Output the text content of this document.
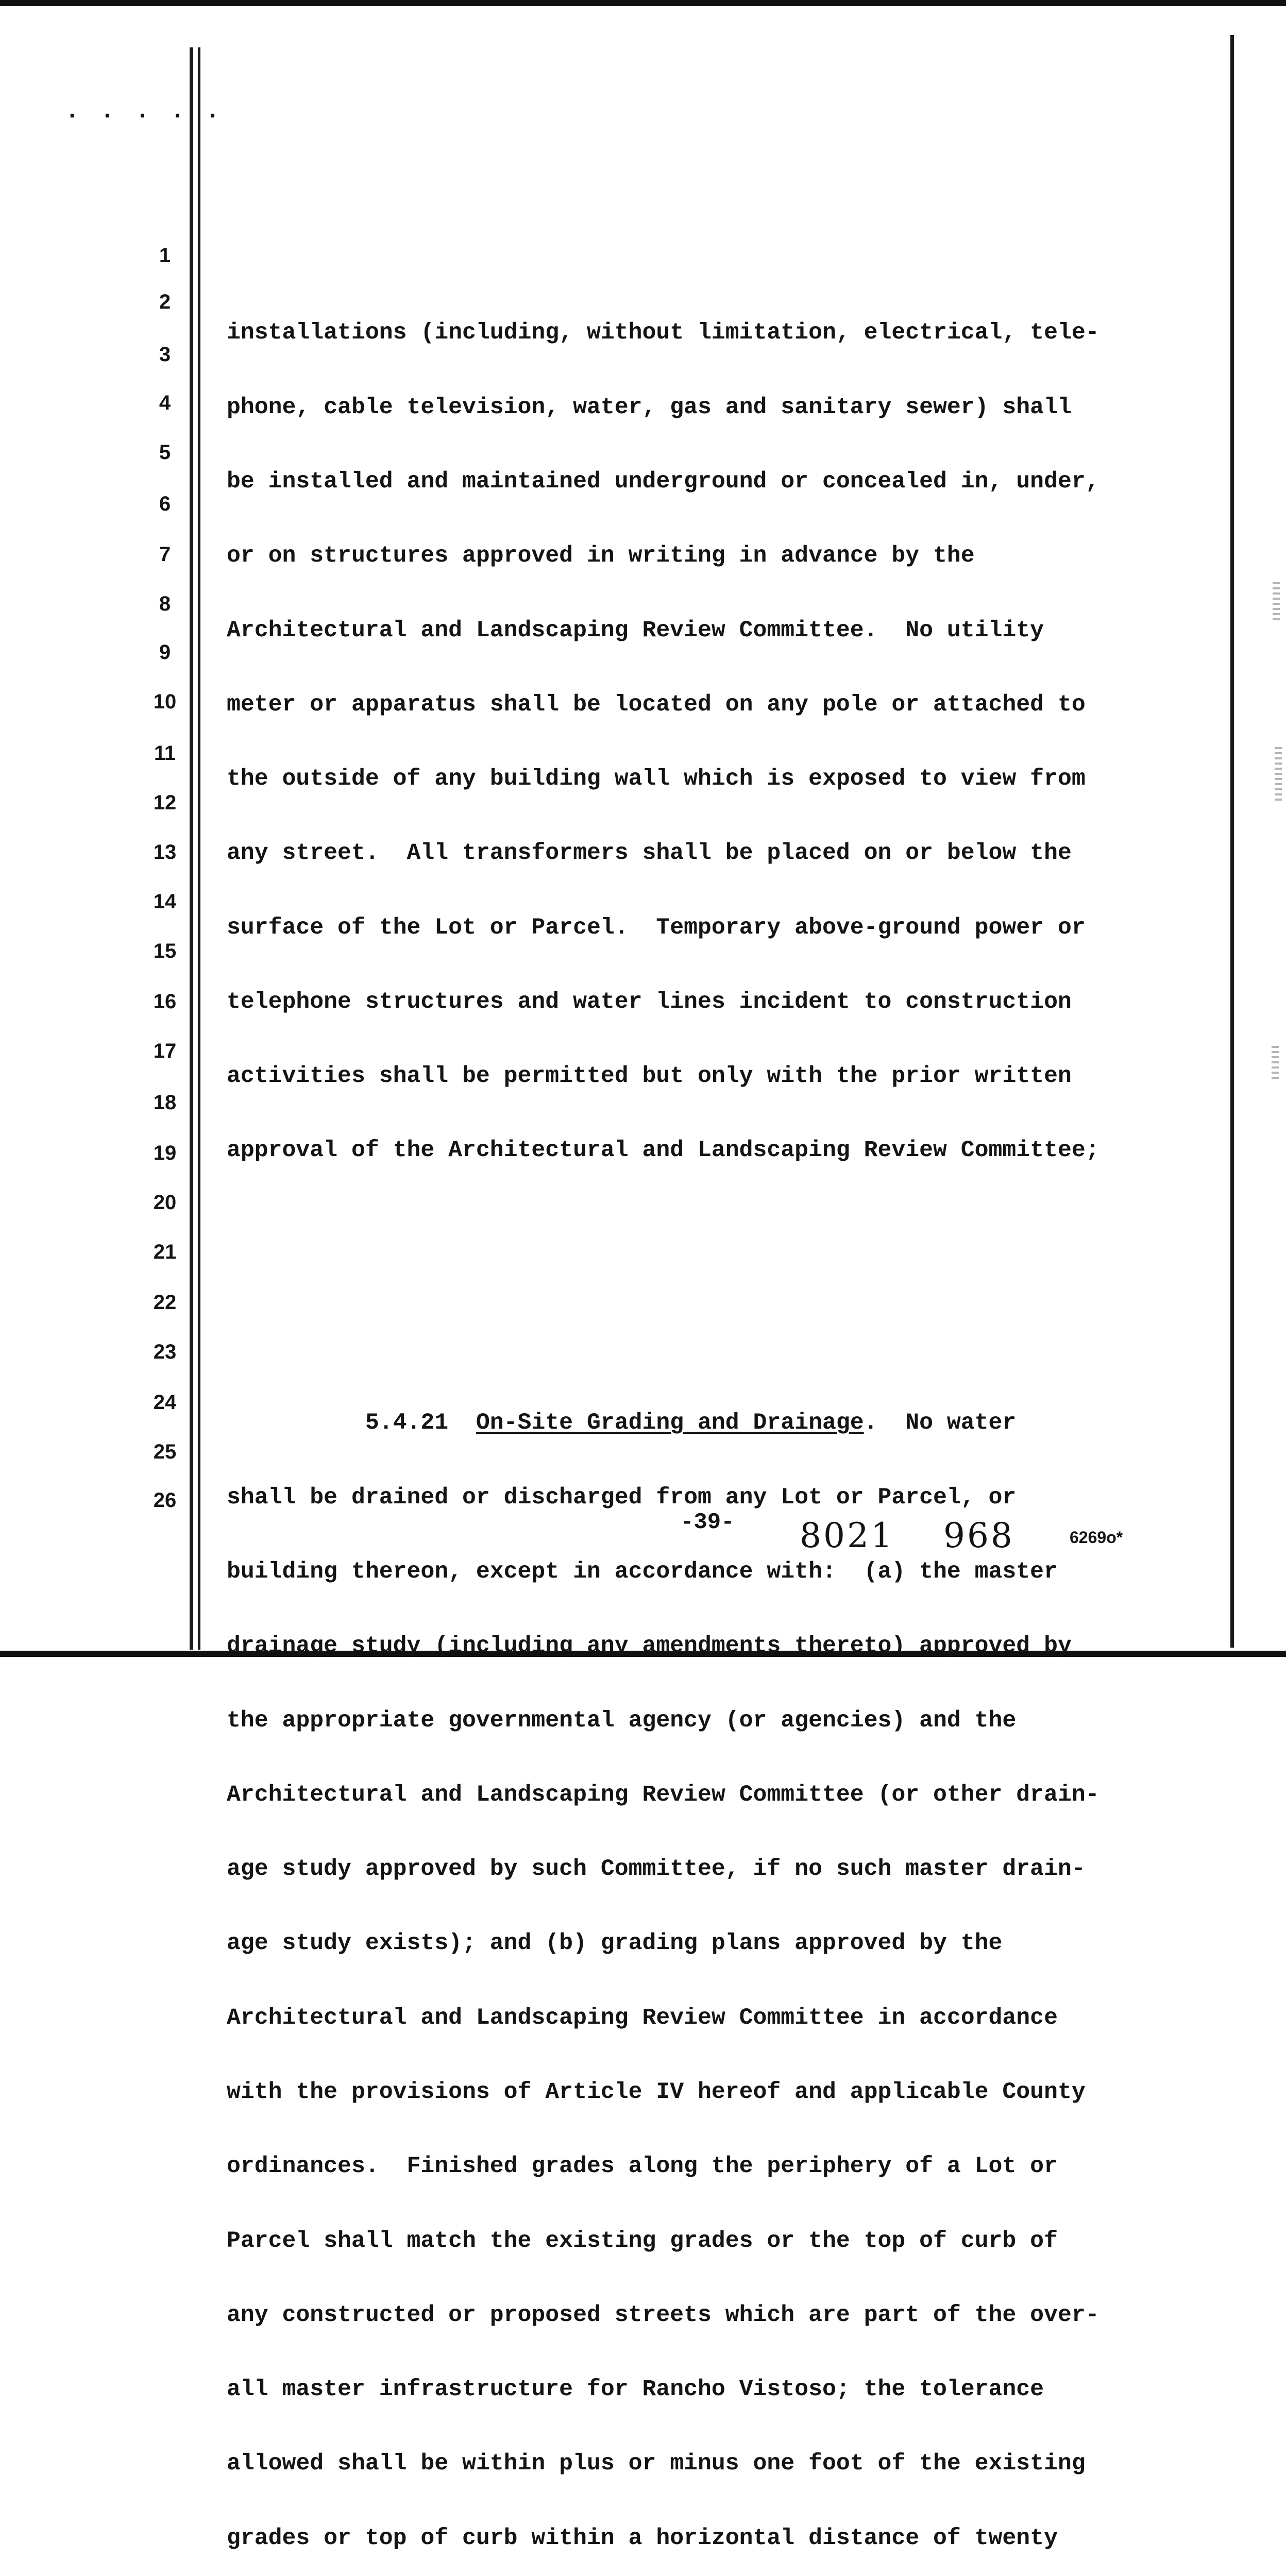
. . . . .
1
2
3
4
5
6
7
8
9
10
11
12
13
14
15
16
17
18
19
20
21
22
23
24
25
26

installations (including, without limitation, electrical, tele-

phone, cable television, water, gas and sanitary sewer) shall

be installed and maintained underground or concealed in, under,

or on structures approved in writing in advance by the

Architectural and Landscaping Review Committee.  No utility

meter or apparatus shall be located on any pole or attached to

the outside of any building wall which is exposed to view from

any street.  All transformers shall be placed on or below the

surface of the Lot or Parcel.  Temporary above-ground power or

telephone structures and water lines incident to construction

activities shall be permitted but only with the prior written

approval of the Architectural and Landscaping Review Committee;

5.4.21 On-Site Grading and Drainage.  No water

shall be drained or discharged from any Lot or Parcel, or

building thereon, except in accordance with:  (a) the master

drainage study (including any amendments thereto) approved by

the appropriate governmental agency (or agencies) and the

Architectural and Landscaping Review Committee (or other drain-

age study approved by such Committee, if no such master drain-

age study exists); and (b) grading plans approved by the

Architectural and Landscaping Review Committee in accordance

with the provisions of Article IV hereof and applicable County

ordinances.  Finished grades along the periphery of a Lot or

Parcel shall match the existing grades or the top of curb of

any constructed or proposed streets which are part of the over-

all master infrastructure for Rancho Vistoso; the tolerance

allowed shall be within plus or minus one foot of the existing

grades or top of curb within a horizontal distance of twenty

-39- 8021 968	6269o*
